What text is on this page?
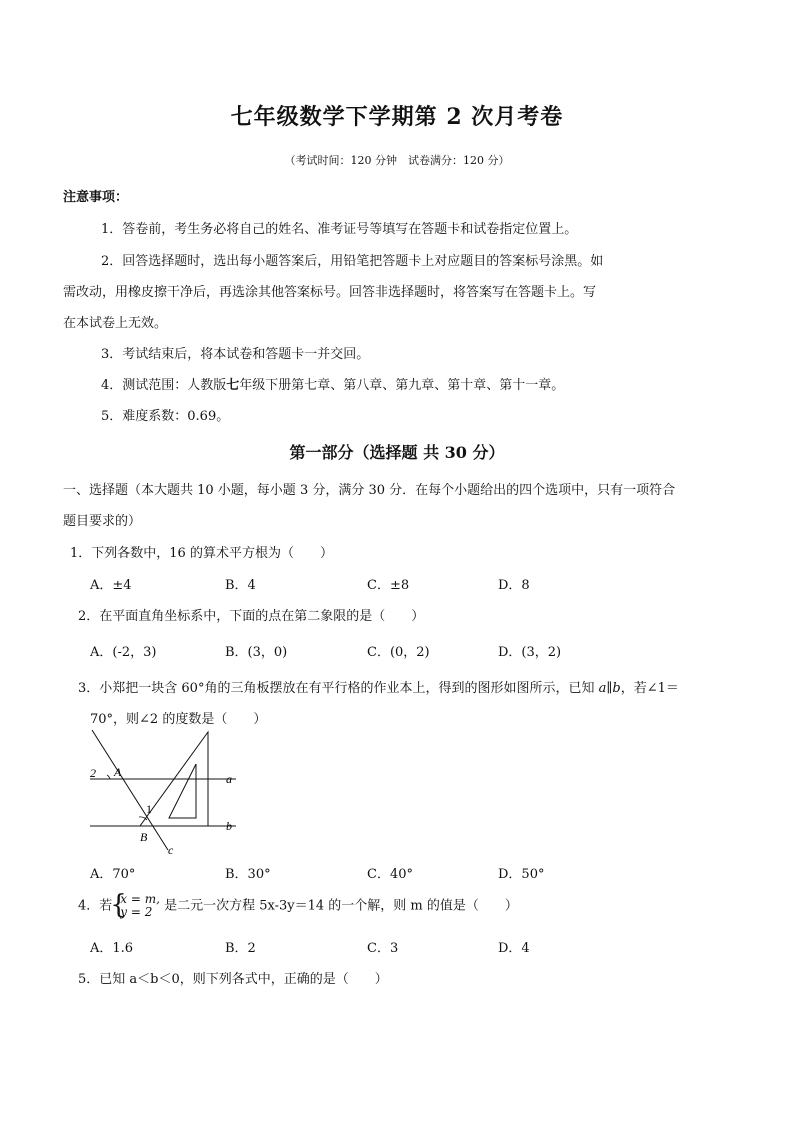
七年级数学下学期第 2 次月考卷
（考试时间：120 分钟　试卷满分：120 分）
注意事项：
1．答卷前，考生务必将自己的姓名、准考证号等填写在答题卡和试卷指定位置上。
2．回答选择题时，选出每小题答案后，用铅笔把答题卡上对应题目的答案标号涂黑。如
需改动，用橡皮擦干净后，再选涂其他答案标号。回答非选择题时，将答案写在答题卡上。写
在本试卷上无效。
3．考试结束后，将本试卷和答题卡一并交回。
4．测试范围：人教版七年级下册第七章、第八章、第九章、第十章、第十一章。
5．难度系数：0.69。
第一部分（选择题 共 30 分）
一、选择题（本大题共 10 小题，每小题 3 分，满分 30 分．在每个小题给出的四个选项中，只有一项符合
题目要求的）
1．下列各数中，16 的算术平方根为（　　）
A．±4	B．4	C．±8	D．8
2．在平面直角坐标系中，下面的点在第二象限的是（　　）
A．(-2，3)	B．(3，0)	C．(0，2)	D．(3，2)
3．小郑把一块含 60°角的三角板摆放在有平行格的作业本上，得到的图形如图所示，已知 a∥b，若∠1＝
70°，则∠2 的度数是（　　）
2 A
1
B
a
b
c
A．70°	B．30°	C．40°	D．50°
4．若
{ x = m,
y = 2 是二元一次方程 5x-3y＝14 的一个解，则 m 的值是（　　）
A．1.6	B．2	C．3	D．4
5．已知 a＜b＜0，则下列各式中，正确的是（　　）
